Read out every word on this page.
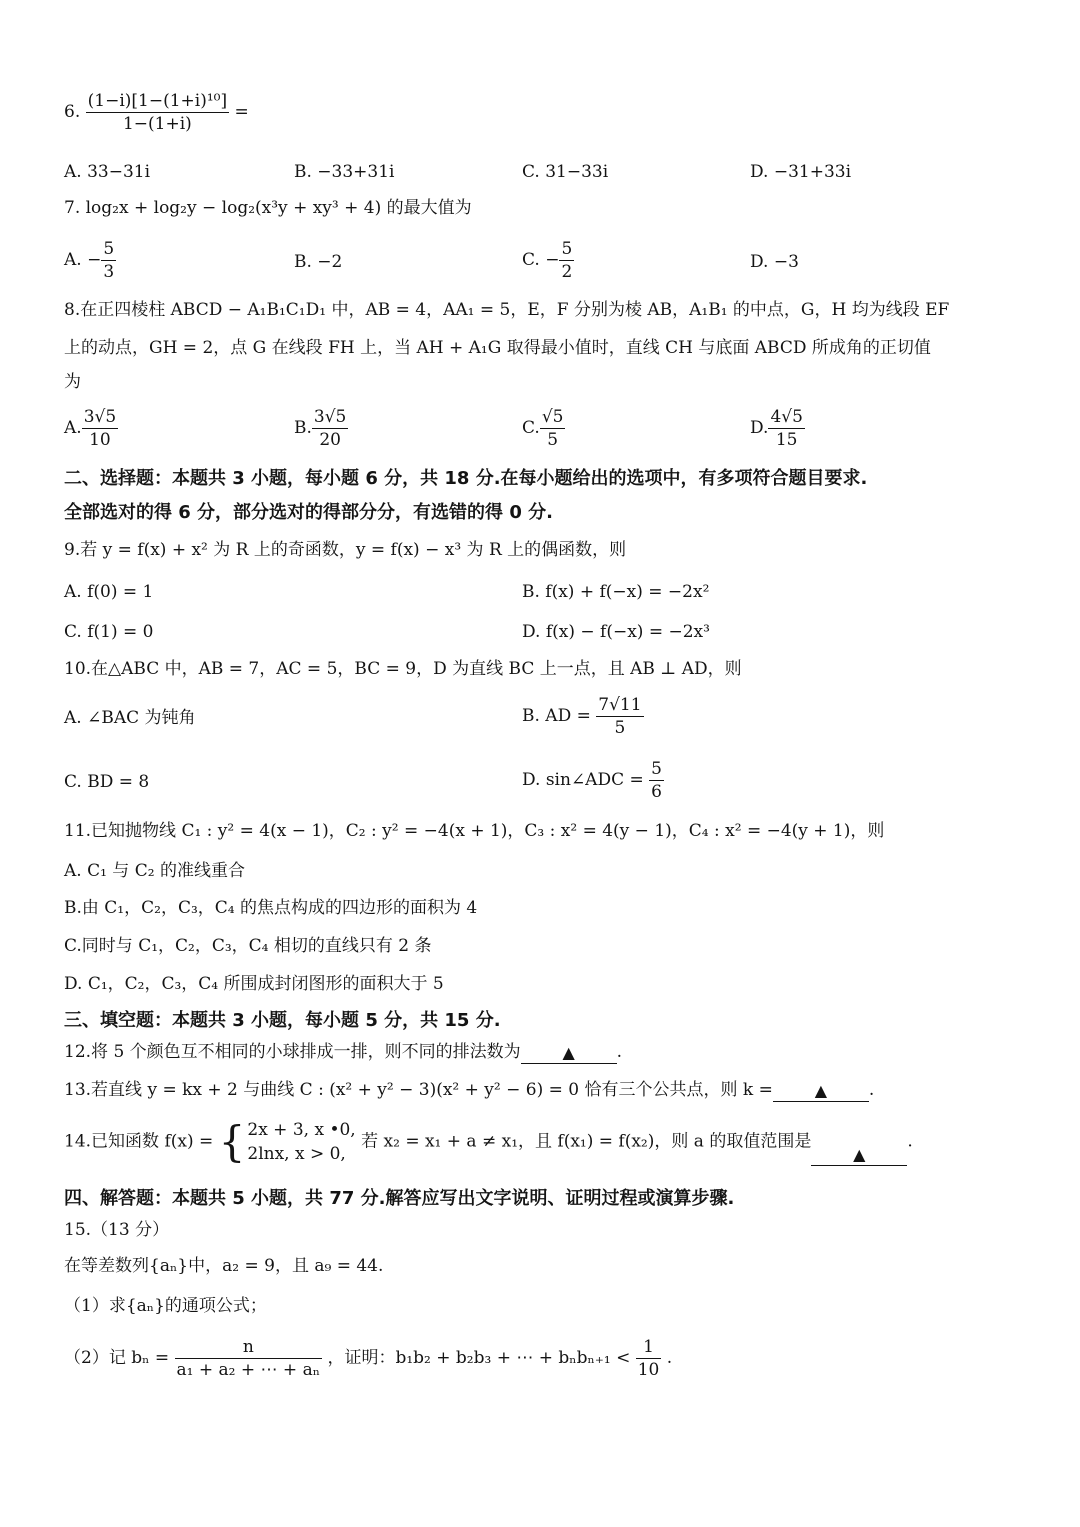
6. $\frac{\text{(1−i)[1−(1+i)¹⁰]}}{1-(1+i)}$ =
A. 33−31i	B. −33+31i	C. 31−33i	D. −31+33i
7. log₂x + log₂y − log₂(x³y + xy³ + 4) 的最大值为
A. − $\frac{5}{3}$	B. −2	C. − $\frac{5}{2}$	D. −3
8.在正四棱柱 ABCD − A₁B₁C₁D₁ 中，AB = 4，AA₁ = 5，E，F 分别为棱 AB，A₁B₁ 的中点，G，H 均为线段 EF
上的动点，GH = 2，点 G 在线段 FH 上，当 AH + A₁G 取得最小值时，直线 CH 与底面 ABCD 所成角的正切值
为
A. $\frac{3√5}{10}$	B. $\frac{3√5}{20}$	C. $\frac{√5}{5}$	D. $\frac{4√5}{15}$
二、选择题：本题共 3 小题，每小题 6 分，共 18 分.在每小题给出的选项中，有多项符合题目要求.
全部选对的得 6 分，部分选对的得部分分，有选错的得 0 分.
9.若 y = f(x) + x² 为 R 上的奇函数，y = f(x) − x³ 为 R 上的偶函数，则
A. f(0) = 1	B. f(x) + f(−x) = −2x²
C. f(1) = 0	D. f(x) − f(−x) = −2x³
10.在△ABC 中，AB = 7，AC = 5，BC = 9，D 为直线 BC 上一点，且 AB ⊥ AD，则
A. ∠BAC 为钝角	B. AD = $\frac{7√11}{5}$
C. BD = 8	D. sin∠ADC = $\frac{5}{6}$
11.已知抛物线 C₁ : y² = 4(x − 1)，C₂ : y² = −4(x + 1)，C₃ : x² = 4(y − 1)，C₄ : x² = −4(y + 1)，则
A. C₁ 与 C₂ 的准线重合
B.由 C₁，C₂，C₃，C₄ 的焦点构成的四边形的面积为 4
C.同时与 C₁，C₂，C₃，C₄ 相切的直线只有 2 条
D. C₁，C₂，C₃，C₄ 所围成封闭图形的面积大于 5
三、填空题：本题共 3 小题，每小题 5 分，共 15 分.
12.将 5 个颜色互不相同的小球排成一排，则不同的排法数为	▲ .
13.若直线 y = kx + 2 与曲线 C : (x² + y² − 3)(x² + y² − 6) = 0 恰有三个公共点，则 k =	▲ .
14.已知函数 f(x) = { 2x + 3, x •0,
2lnx, x > 0,
若 x₂ = x₁ + a ≠ x₁，且 f(x₁) = f(x₂)，则 a 的取值范围是▲.
四、解答题：本题共 5 小题，共 77 分.解答应写出文字说明、证明过程或演算步骤.
15.（13 分）
在等差数列{aₙ}中，a₂ = 9，且 a₉ = 44.
（1）求{aₙ}的通项公式；
（2）记 $b_n = \frac{n}{\text{a₁ + a₂ + ⋯ + aₙ}}$ ，证明：b₁b₂ + b₂b₃ + ⋯ + $b_nb_{n+1} < \frac{1}{10}$ .
